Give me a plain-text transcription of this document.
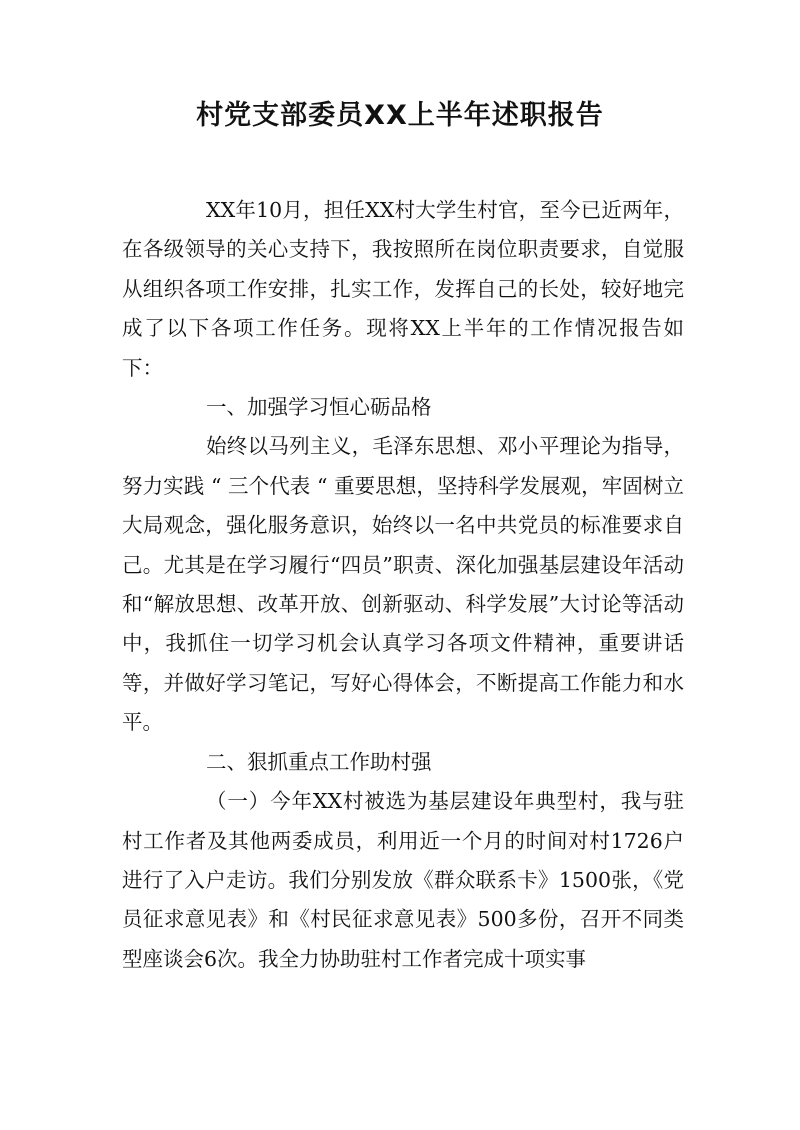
村党支部委员XX上半年述职报告

XX年10月，担任XX村大学生村官，至今已近两年，在各级领导的关心支持下，我按照所在岗位职责要求，自觉服从组织各项工作安排，扎实工作，发挥自己的长处，较好地完成了以下各项工作任务。现将XX上半年的工作情况报告如下：

一、加强学习恒心砺品格

始终以马列主义，毛泽东思想、邓小平理论为指导，努力实践 “ 三个代表 “ 重要思想，坚持科学发展观，牢固树立大局观念，强化服务意识，始终以一名中共党员的标准要求自己。尤其是在学习履行“四员”职责、深化加强基层建设年活动和“解放思想、改革开放、创新驱动、科学发展”大讨论等活动中，我抓住一切学习机会认真学习各项文件精神，重要讲话等，并做好学习笔记，写好心得体会，不断提高工作能力和水平。

二、狠抓重点工作助村强

（一）今年XX村被选为基层建设年典型村，我与驻村工作者及其他两委成员，利用近一个月的时间对村1726户进行了入户走访。我们分别发放《群众联系卡》1500张，《党员征求意见表》和《村民征求意见表》500多份，召开不同类型座谈会6次。我全力协助驻村工作者完成十项实事
